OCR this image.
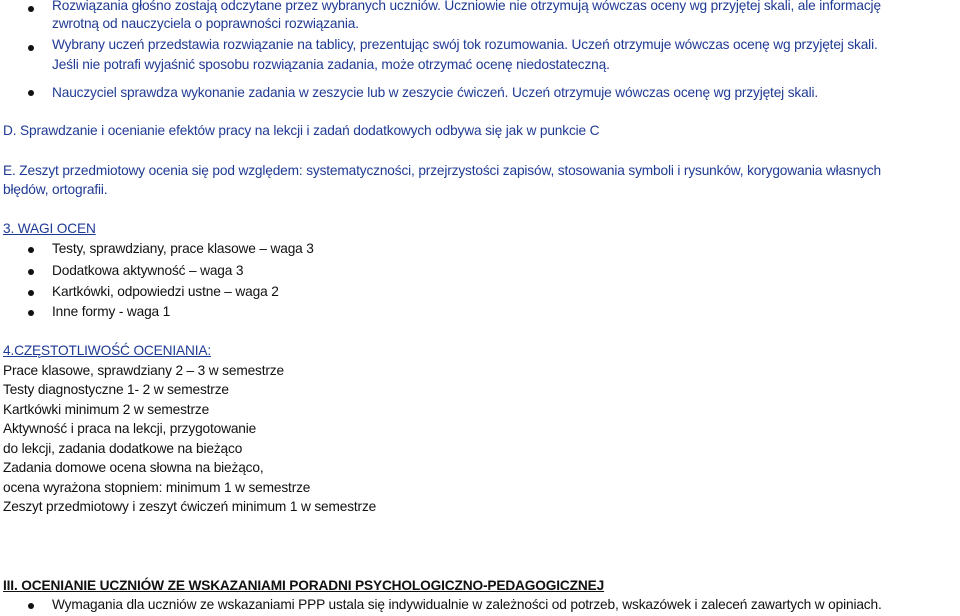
Rozwiązania głośno zostają odczytane przez wybranych uczniów. Uczniowie nie otrzymują wówczas oceny wg przyjętej skali, ale informację
zwrotną od nauczyciela o poprawności rozwiązania.
Wybrany uczeń przedstawia rozwiązanie na tablicy, prezentując swój tok rozumowania. Uczeń otrzymuje wówczas ocenę wg przyjętej skali.
Jeśli nie potrafi wyjaśnić sposobu rozwiązania zadania, może otrzymać ocenę niedostateczną.
Nauczyciel sprawdza wykonanie zadania w zeszycie lub w zeszycie ćwiczeń. Uczeń otrzymuje wówczas ocenę wg przyjętej skali.
D. Sprawdzanie i ocenianie efektów pracy na lekcji i zadań dodatkowych odbywa się jak w punkcie C
E. Zeszyt przedmiotowy ocenia się pod względem: systematyczności, przejrzystości zapisów, stosowania symboli i rysunków, korygowania własnych
błędów, ortografii.
3. WAGI OCEN
Testy, sprawdziany, prace klasowe – waga 3
Dodatkowa aktywność – waga 3
Kartkówki, odpowiedzi ustne – waga 2
Inne formy - waga 1
4.CZĘSTOTLIWOŚĆ OCENIANIA:
Prace klasowe, sprawdziany 2 – 3 w semestrze
Testy diagnostyczne 1- 2 w semestrze
Kartkówki minimum 2 w semestrze
Aktywność i praca na lekcji, przygotowanie
do lekcji, zadania dodatkowe na bieżąco
Zadania domowe ocena słowna na bieżąco,
ocena wyrażona stopniem: minimum 1 w semestrze
Zeszyt przedmiotowy i zeszyt ćwiczeń minimum 1 w semestrze
III. OCENIANIE UCZNIÓW ZE WSKAZANIAMI PORADNI PSYCHOLOGICZNO-PEDAGOGICZNEJ
Wymagania dla uczniów ze wskazaniami PPP ustala się indywidualnie w zależności od potrzeb, wskazówek i zaleceń zawartych w opiniach.
